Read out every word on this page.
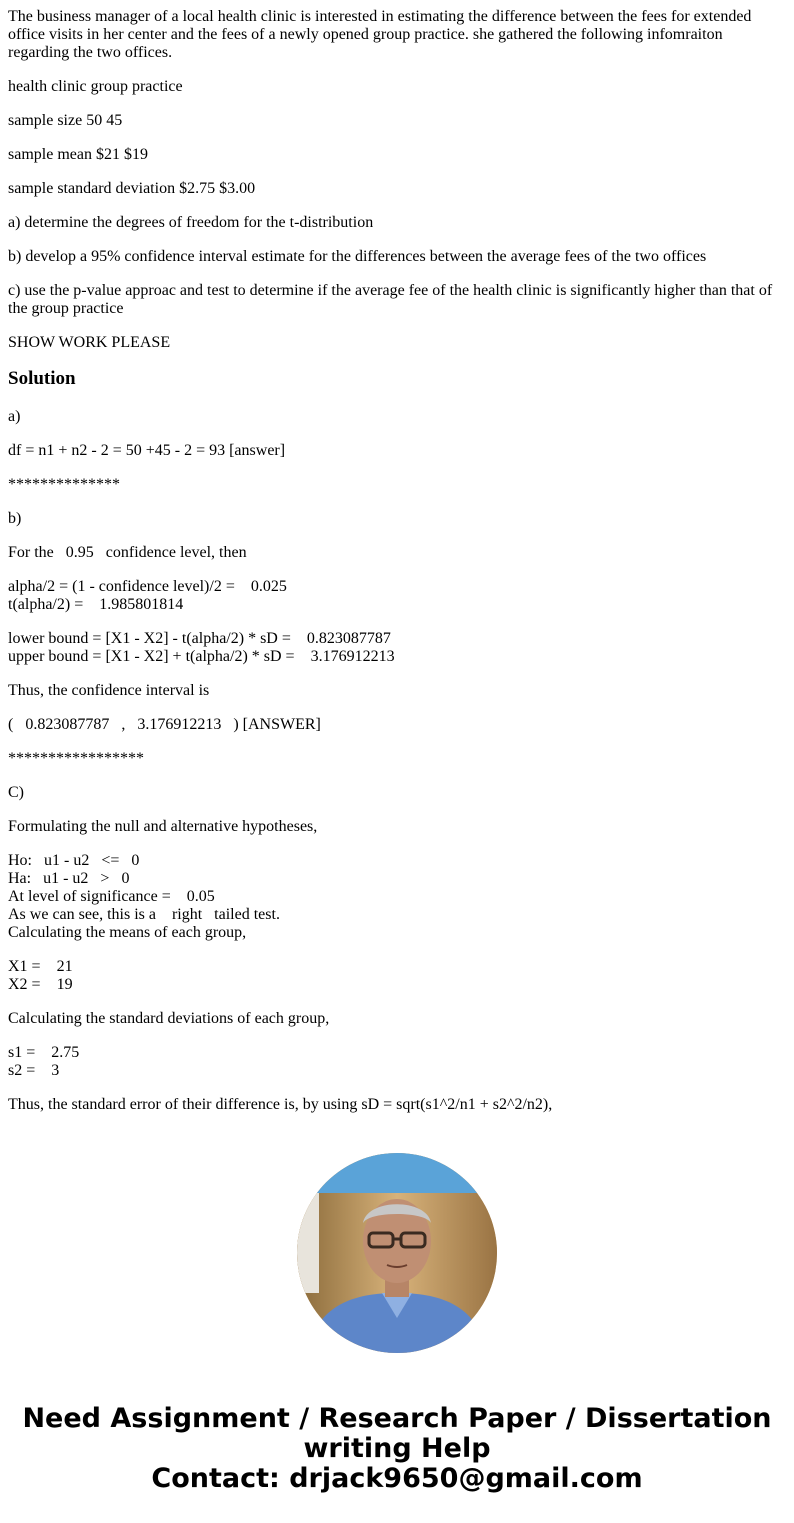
The business manager of a local health clinic is interested in estimating the difference between the fees for extended office visits in her center and the fees of a newly opened group practice. she gathered the following infomraiton regarding the two offices.

health clinic group practice

sample size 50 45

sample mean $21 $19

sample standard deviation $2.75 $3.00

a) determine the degrees of freedom for the t-distribution

b) develop a 95% confidence interval estimate for the differences between the average fees of the two offices

c) use the p-value approac and test to determine if the average fee of the health clinic is significantly higher than that of the group practice

SHOW WORK PLEASE

Solution

a)

df = n1 + n2 - 2 = 50 +45 - 2 = 93 [answer]

**************

b)

For the   0.95   confidence level, then

alpha/2 = (1 - confidence level)/2 =    0.025
t(alpha/2) =    1.985801814

lower bound = [X1 - X2] - t(alpha/2) * sD =    0.823087787
upper bound = [X1 - X2] + t(alpha/2) * sD =    3.176912213

Thus, the confidence interval is

(   0.823087787   ,   3.176912213   ) [ANSWER]

*****************

C)

Formulating the null and alternative hypotheses,

Ho:   u1 - u2   <=   0
Ha:   u1 - u2   >   0
At level of significance =    0.05
As we can see, this is a    right   tailed test.
Calculating the means of each group,

X1 =    21
X2 =    19

Calculating the standard deviations of each group,

s1 =    2.75
s2 =    3

Thus, the standard error of their difference is, by using sD = sqrt(s1^2/n1 + s2^2/n2),

Need Assignment / Research Paper / Dissertation
writing Help
Contact: drjack9650@gmail.com
